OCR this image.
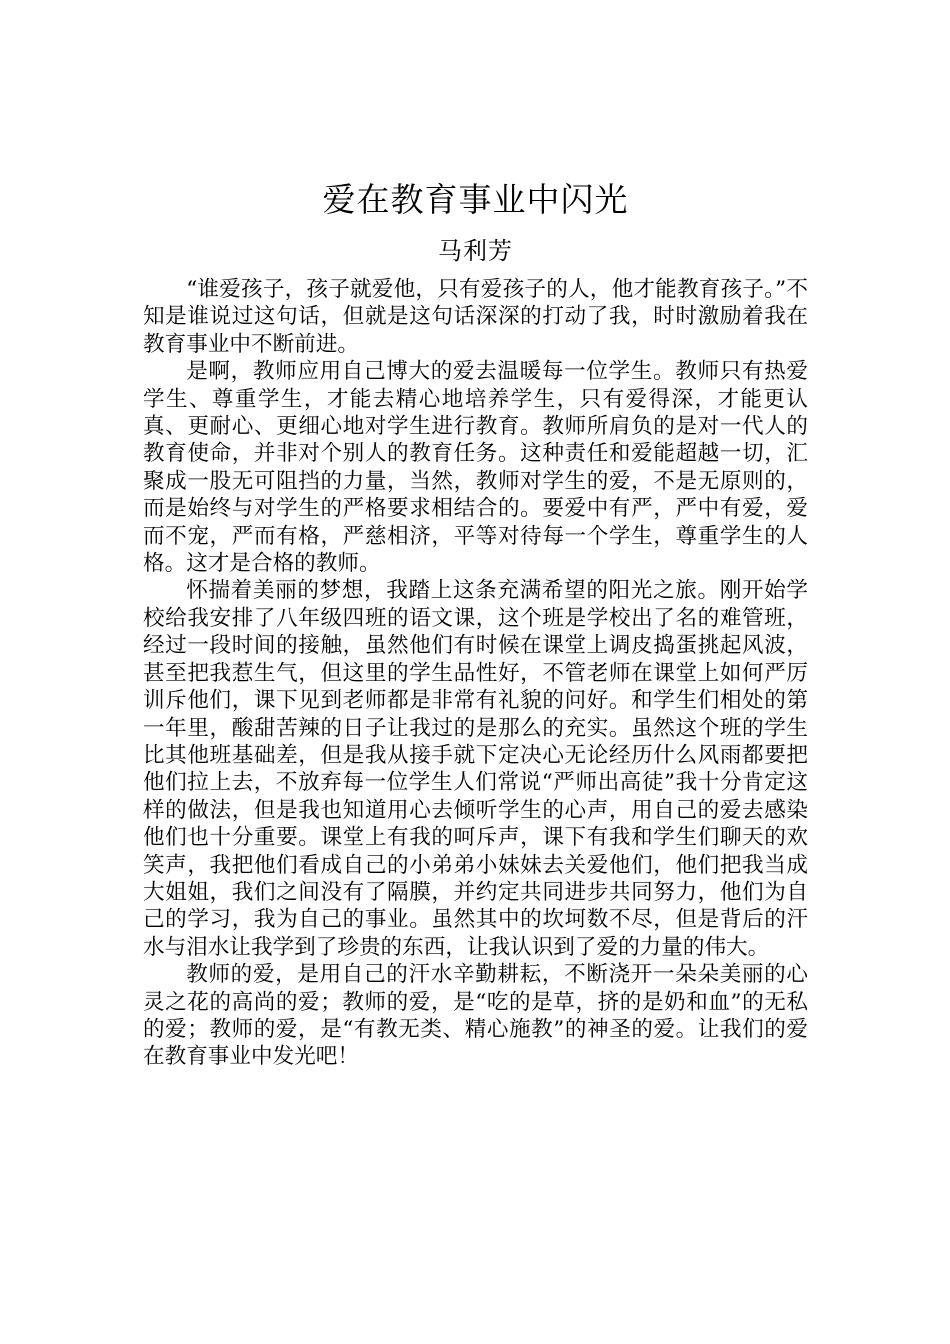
爱在教育事业中闪光
马利芳

“谁爱孩子，孩子就爱他，只有爱孩子的人，他才能教育孩子。”不知是谁说过这句话，但就是这句话深深的打动了我，时时激励着我在教育事业中不断前进。

是啊，教师应用自己博大的爱去温暖每一位学生。教师只有热爱学生、尊重学生，才能去精心地培养学生，只有爱得深，才能更认真、更耐心、更细心地对学生进行教育。教师所肩负的是对一代人的教育使命，并非对个别人的教育任务。这种责任和爱能超越一切，汇聚成一股无可阻挡的力量，当然，教师对学生的爱，不是无原则的，而是始终与对学生的严格要求相结合的。要爱中有严，严中有爱，爱而不宠，严而有格，严慈相济，平等对待每一个学生，尊重学生的人格。这才是合格的教师。

怀揣着美丽的梦想，我踏上这条充满希望的阳光之旅。刚开始学校给我安排了八年级四班的语文课，这个班是学校出了名的难管班，经过一段时间的接触，虽然他们有时候在课堂上调皮捣蛋挑起风波，甚至把我惹生气，但这里的学生品性好，不管老师在课堂上如何严厉训斥他们，课下见到老师都是非常有礼貌的问好。和学生们相处的第一年里，酸甜苦辣的日子让我过的是那么的充实。虽然这个班的学生比其他班基础差，但是我从接手就下定决心无论经历什么风雨都要把他们拉上去，不放弃每一位学生人们常说“严师出高徒”我十分肯定这样的做法，但是我也知道用心去倾听学生的心声，用自己的爱去感染他们也十分重要。课堂上有我的呵斥声，课下有我和学生们聊天的欢笑声，我把他们看成自己的小弟弟小妹妹去关爱他们，他们把我当成大姐姐，我们之间没有了隔膜，并约定共同进步共同努力，他们为自己的学习，我为自己的事业。虽然其中的坎坷数不尽，但是背后的汗水与泪水让我学到了珍贵的东西，让我认识到了爱的力量的伟大。

教师的爱，是用自己的汗水辛勤耕耘，不断浇开一朵朵美丽的心灵之花的高尚的爱；教师的爱，是“吃的是草，挤的是奶和血”的无私的爱；教师的爱，是“有教无类、精心施教”的神圣的爱。让我们的爱在教育事业中发光吧！
